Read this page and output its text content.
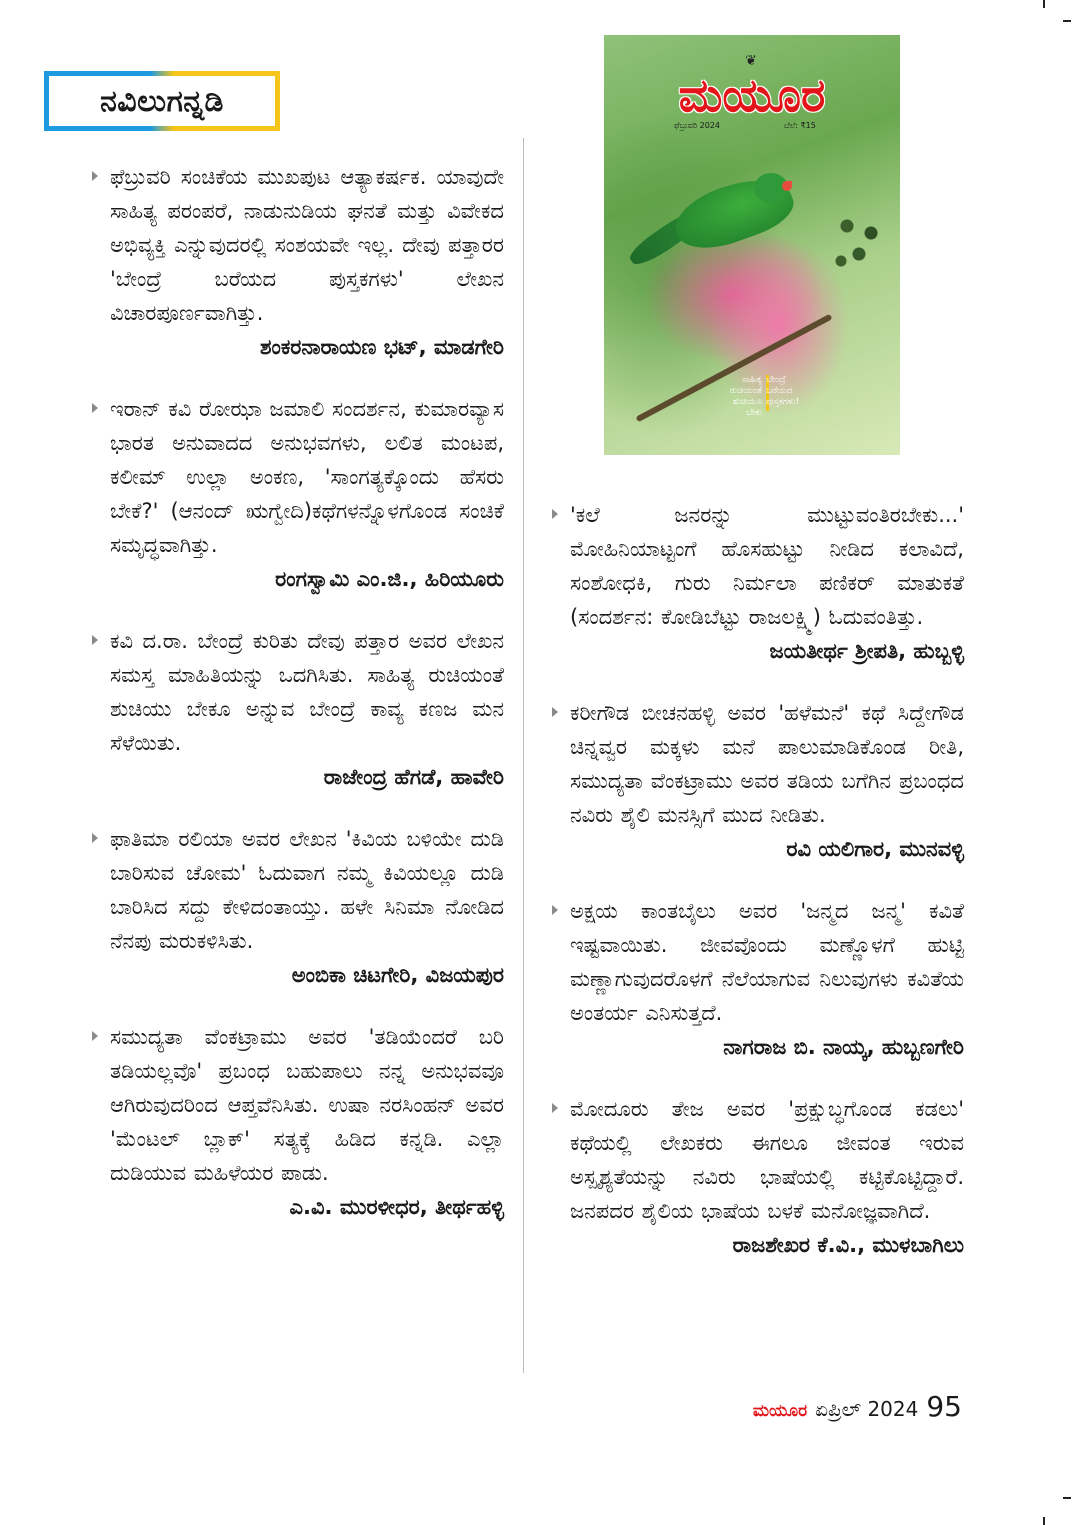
ನವಿಲುಗನ್ನಡಿ
❦
ಮಯೂರ
ಫೆಬ್ರುವರಿ 2024	ಬೆಲೆ: ₹15
ಸಾಹಿತ್ಯ ಬೇಂದ್ರೆ
ರುಚಿಯಂತೆ ಬರೆಯದ
ಶುಚಿಯೂ ಬೇಕು
ಪುಸ್ತಕಗಳು!

ಫೆಬ್ರುವರಿ ಸಂಚಿಕೆಯ ಮುಖಪುಟ ಆತ್ಯಾಕರ್ಷಕ. ಯಾವುದೇ ಸಾಹಿತ್ಯ ಪರಂಪರೆ, ನಾಡುನುಡಿಯ ಘನತೆ ಮತ್ತು ವಿವೇಕದ ಅಭಿವ್ಯಕ್ತಿ ಎನ್ನುವುದರಲ್ಲಿ ಸಂಶಯವೇ ಇಲ್ಲ. ದೇವು ಪತ್ತಾರರ 'ಬೇಂದ್ರೆ ಬರೆಯದ ಪುಸ್ತಕಗಳು' ಲೇಖನ ವಿಚಾರಪೂರ್ಣವಾಗಿತ್ತು.

ಶಂಕರನಾರಾಯಣ ಭಟ್, ಮಾಡಗೇರಿ

ಇರಾನ್ ಕವಿ ರೋಝಾ ಜಮಾಲಿ ಸಂದರ್ಶನ, ಕುಮಾರವ್ಯಾಸ ಭಾರತ ಅನುವಾದದ ಅನುಭವಗಳು, ಲಲಿತ ಮಂಟಪ, ಕಲೀಮ್ ಉಲ್ಲಾ ಅಂಕಣ, 'ಸಾಂಗತ್ಯಕ್ಕೊಂದು ಹೆಸರು ಬೇಕೆ?' (ಆನಂದ್ ಋಗ್ವೇದಿ)ಕಥೆಗಳನ್ನೊಳಗೊಂಡ ಸಂಚಿಕೆ ಸಮೃದ್ಧವಾಗಿತ್ತು.

ರಂಗಸ್ವಾಮಿ ಎಂ.ಜಿ., ಹಿರಿಯೂರು

ಕವಿ ದ.ರಾ. ಬೇಂದ್ರೆ ಕುರಿತು ದೇವು ಪತ್ತಾರ ಅವರ ಲೇಖನ ಸಮಸ್ತ ಮಾಹಿತಿಯನ್ನು ಒದಗಿಸಿತು. ಸಾಹಿತ್ಯ ರುಚಿಯಂತೆ ಶುಚಿಯು ಬೇಕೂ ಅನ್ನುವ ಬೇಂದ್ರೆ ಕಾವ್ಯ ಕಣಜ ಮನ ಸೆಳೆಯಿತು.

ರಾಜೇಂದ್ರ ಹೆಗಡೆ, ಹಾವೇರಿ

ಫಾತಿಮಾ ರಲಿಯಾ ಅವರ ಲೇಖನ 'ಕಿವಿಯ ಬಳಿಯೇ ದುಡಿ ಬಾರಿಸುವ ಚೋಮ' ಓದುವಾಗ ನಮ್ಮ ಕಿವಿಯಲ್ಲೂ ದುಡಿ ಬಾರಿಸಿದ ಸದ್ದು ಕೇಳಿದಂತಾಯ್ತು. ಹಳೇ ಸಿನಿಮಾ ನೋಡಿದ ನೆನಪು ಮರುಕಳಿಸಿತು.

ಅಂಬಿಕಾ ಚಿಟಗೇರಿ, ವಿಜಯಪುರ

ಸಮುದ್ಯತಾ ವೆಂಕಟ್ರಾಮು ಅವರ 'ತಡಿಯೆಂದರೆ ಬರಿ ತಡಿಯಲ್ಲವೊ' ಪ್ರಬಂಧ ಬಹುಪಾಲು ನನ್ನ ಅನುಭವವೂ ಆಗಿರುವುದರಿಂದ ಆಪ್ತವೆನಿಸಿತು. ಉಷಾ ನರಸಿಂಹನ್ ಅವರ 'ಮೆಂಟಲ್ ಬ್ಲಾಕ್' ಸತ್ಯಕ್ಕೆ ಹಿಡಿದ ಕನ್ನಡಿ. ಎಲ್ಲಾ ದುಡಿಯುವ ಮಹಿಳೆಯರ ಪಾಡು.

ಎ.ವಿ. ಮುರಳೀಧರ, ತೀರ್ಥಹಳ್ಳಿ

'ಕಲೆ ಜನರನ್ನು ಮುಟ್ಟುವಂತಿರಬೇಕು...' ಮೋಹಿನಿಯಾಟ್ಟಂಗೆ ಹೊಸಹುಟ್ಟು ನೀಡಿದ ಕಲಾವಿದೆ, ಸಂಶೋಧಕಿ, ಗುರು ನಿರ್ಮಲಾ ಪಣಿಕರ್ ಮಾತುಕತೆ (ಸಂದರ್ಶನ: ಕೋಡಿಬೆಟ್ಟು ರಾಜಲಕ್ಷ್ಮಿ) ಓದುವಂತಿತ್ತು.

ಜಯತೀರ್ಥ ಶ್ರೀಪತಿ, ಹುಬ್ಬಳ್ಳಿ

ಕರೀಗೌಡ ಬೀಚನಹಳ್ಳಿ ಅವರ 'ಹಳೆಮನೆ' ಕಥೆ ಸಿದ್ದೇಗೌಡ ಚಿನ್ನವ್ವರ ಮಕ್ಕಳು ಮನೆ ಪಾಲುಮಾಡಿಕೊಂಡ ರೀತಿ, ಸಮುದ್ಯತಾ ವೆಂಕಟ್ರಾಮು ಅವರ ತಡಿಯ ಬಗೆಗಿನ ಪ್ರಬಂಧದ ನವಿರು ಶೈಲಿ ಮನಸ್ಸಿಗೆ ಮುದ ನೀಡಿತು.

ರವಿ ಯಲಿಗಾರ, ಮುನವಳ್ಳಿ

ಅಕ್ಷಯ ಕಾಂತಬೈಲು ಅವರ 'ಜನ್ಮದ ಜನ್ಮ' ಕವಿತೆ ಇಷ್ಟವಾಯಿತು. ಜೀವವೊಂದು ಮಣ್ಣೊಳಗೆ ಹುಟ್ಟಿ ಮಣ್ಣಾಗುವುದರೊಳಗೆ ನೆಲೆಯಾಗುವ ನಿಲುವುಗಳು ಕವಿತೆಯ ಅಂತರ್ಯ ಎನಿಸುತ್ತದೆ.

ನಾಗರಾಜ ಬಿ. ನಾಯ್ಕ, ಹುಬ್ಬಣಗೇರಿ

ಮೋದೂರು ತೇಜ ಅವರ 'ಪ್ರಕ್ಷುಬ್ಧಗೊಂಡ ಕಡಲು' ಕಥೆಯಲ್ಲಿ ಲೇಖಕರು ಈಗಲೂ ಜೀವಂತ ಇರುವ ಅಸ್ಪೃಶ್ಯತೆಯನ್ನು ನವಿರು ಭಾಷೆಯಲ್ಲಿ ಕಟ್ಟಿಕೊಟ್ಟಿದ್ದಾರೆ. ಜನಪದರ ಶೈಲಿಯ ಭಾಷೆಯ ಬಳಕೆ ಮನೋಜ್ಞವಾಗಿದೆ.

ರಾಜಶೇಖರ ಕೆ.ವಿ., ಮುಳಬಾಗಿಲು

ಮಯೂರ ಏಪ್ರಿಲ್ 2024 95
